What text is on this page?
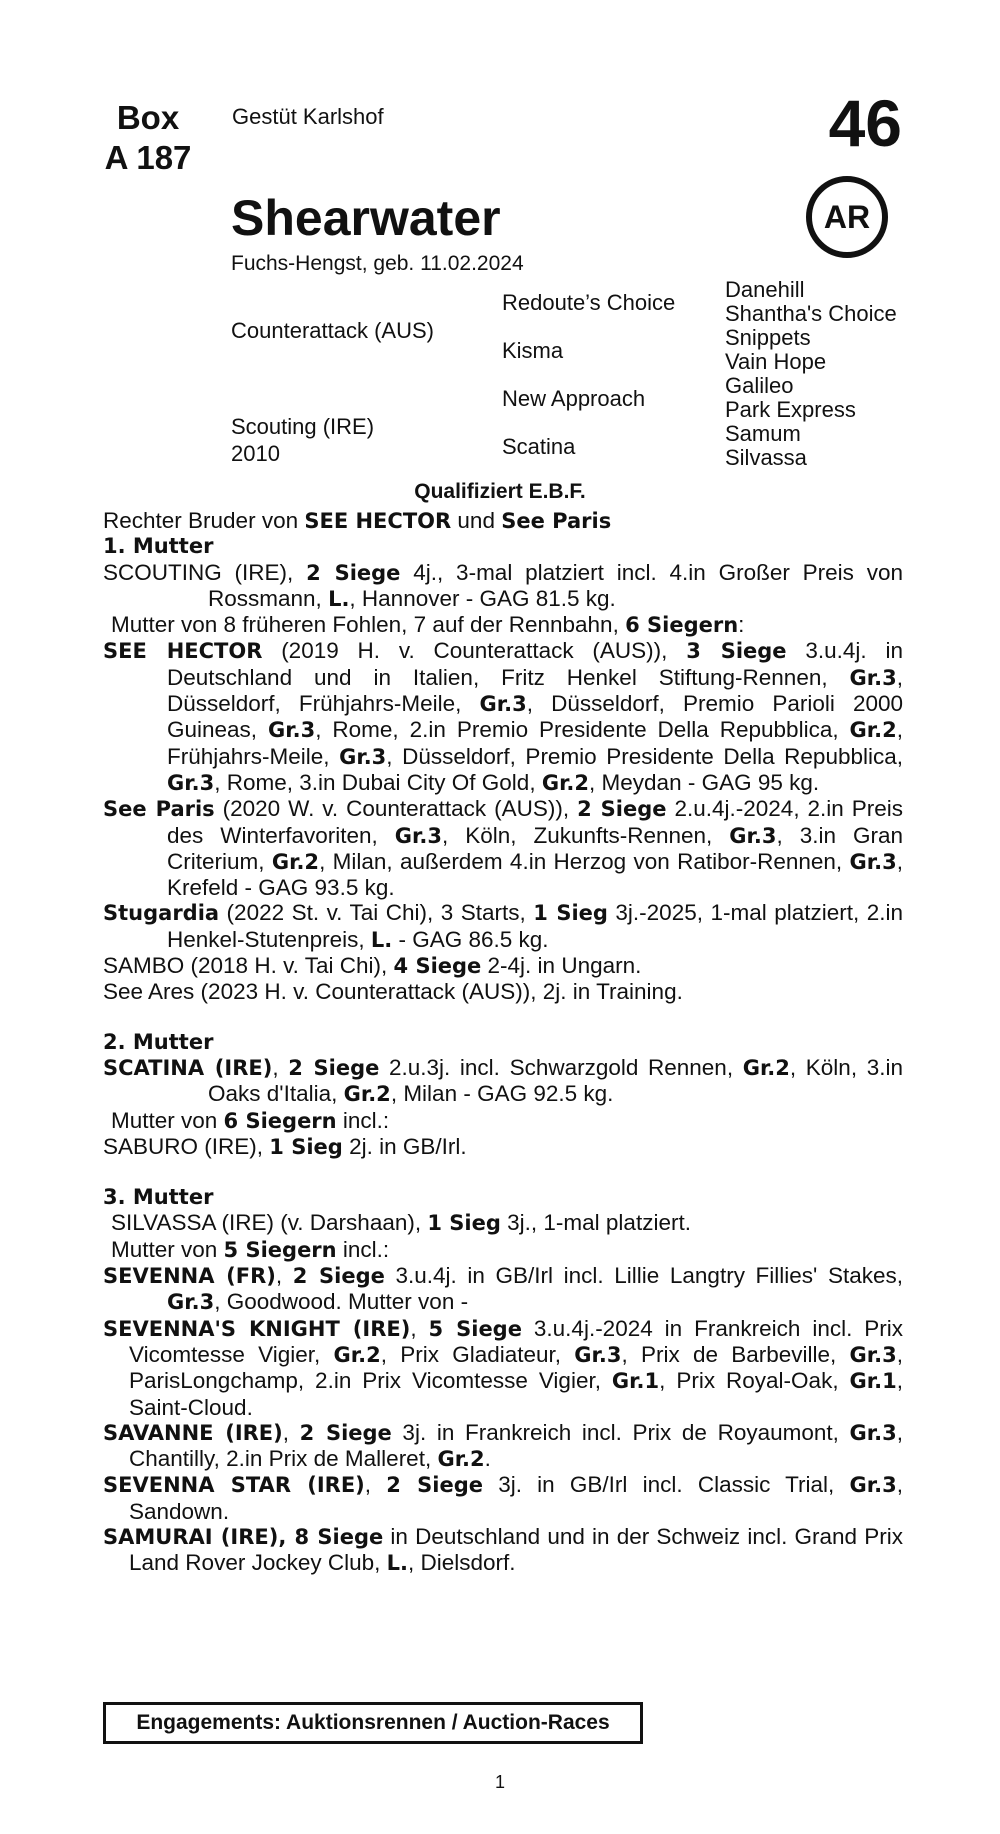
Box
A 187
Gestüt Karlshof	46
Shearwater	AR
Fuchs-Hengst, geb. 11.02.2024
Counterattack (AUS)
Scouting (IRE)
2010
Redoute’s Choice
Kisma
New Approach
Scatina
Danehill
Shantha's Choice
Snippets
Vain Hope
Galileo
Park Express
Samum
Silvassa
Qualifiziert E.B.F.

Rechter Bruder von SEE HECTOR und See Paris

1. Mutter

SCOUTING (IRE), 2 Siege 4j., 3-mal platziert incl. 4.in Großer Preis von Rossmann, L., Hannover - GAG 81.5 kg.

Mutter von 8 früheren Fohlen, 7 auf der Rennbahn, 6 Siegern:

SEE HECTOR (2019 H. v. Counterattack (AUS)), 3 Siege 3.u.4j. in Deutschland und in Italien, Fritz Henkel Stiftung-Rennen, Gr.3, Düsseldorf, Frühjahrs-Meile, Gr.3, Düsseldorf, Premio Parioli 2000 Guineas, Gr.3, Rome, 2.in Premio Presidente Della Repubblica, Gr.2, Frühjahrs-Meile, Gr.3, Düsseldorf, Premio Presidente Della Repubblica, Gr.3, Rome, 3.in Dubai City Of Gold, Gr.2, Meydan - GAG 95 kg.

See Paris (2020 W. v. Counterattack (AUS)), 2 Siege 2.u.4j.-2024, 2.in Preis des Winterfavoriten, Gr.3, Köln, Zukunfts-Rennen, Gr.3, 3.in Gran Criterium, Gr.2, Milan, außerdem 4.in Herzog von Ratibor-Rennen, Gr.3, Krefeld - GAG 93.5 kg.

Stugardia (2022 St. v. Tai Chi), 3 Starts, 1 Sieg 3j.-2025, 1-mal platziert, 2.in Henkel-Stutenpreis, L. - GAG 86.5 kg.

SAMBO (2018 H. v. Tai Chi), 4 Siege 2-4j. in Ungarn.

See Ares (2023 H. v. Counterattack (AUS)), 2j. in Training.

2. Mutter

SCATINA (IRE), 2 Siege 2.u.3j. incl. Schwarzgold Rennen, Gr.2, Köln, 3.in Oaks d'Italia, Gr.2, Milan - GAG 92.5 kg.

Mutter von 6 Siegern incl.:

SABURO (IRE), 1 Sieg 2j. in GB/Irl.

3. Mutter

SILVASSA (IRE) (v. Darshaan), 1 Sieg 3j., 1-mal platziert.

Mutter von 5 Siegern incl.:

SEVENNA (FR), 2 Siege 3.u.4j. in GB/Irl incl. Lillie Langtry Fillies' Stakes, Gr.3, Goodwood. Mutter von -

SEVENNA'S KNIGHT (IRE), 5 Siege 3.u.4j.-2024 in Frankreich incl. Prix Vicomtesse Vigier, Gr.2, Prix Gladiateur, Gr.3, Prix de Barbeville, Gr.3, ParisLongchamp, 2.in Prix Vicomtesse Vigier, Gr.1, Prix Royal-Oak, Gr.1, Saint-Cloud.

SAVANNE (IRE), 2 Siege 3j. in Frankreich incl. Prix de Royaumont, Gr.3, Chantilly, 2.in Prix de Malleret, Gr.2.

SEVENNA STAR (IRE), 2 Siege 3j. in GB/Irl incl. Classic Trial, Gr.3, Sandown.

SAMURAI (IRE), 8 Siege in Deutschland und in der Schweiz incl. Grand Prix Land Rover Jockey Club, L., Dielsdorf.

Engagements: Auktionsrennen / Auction-Races
1
